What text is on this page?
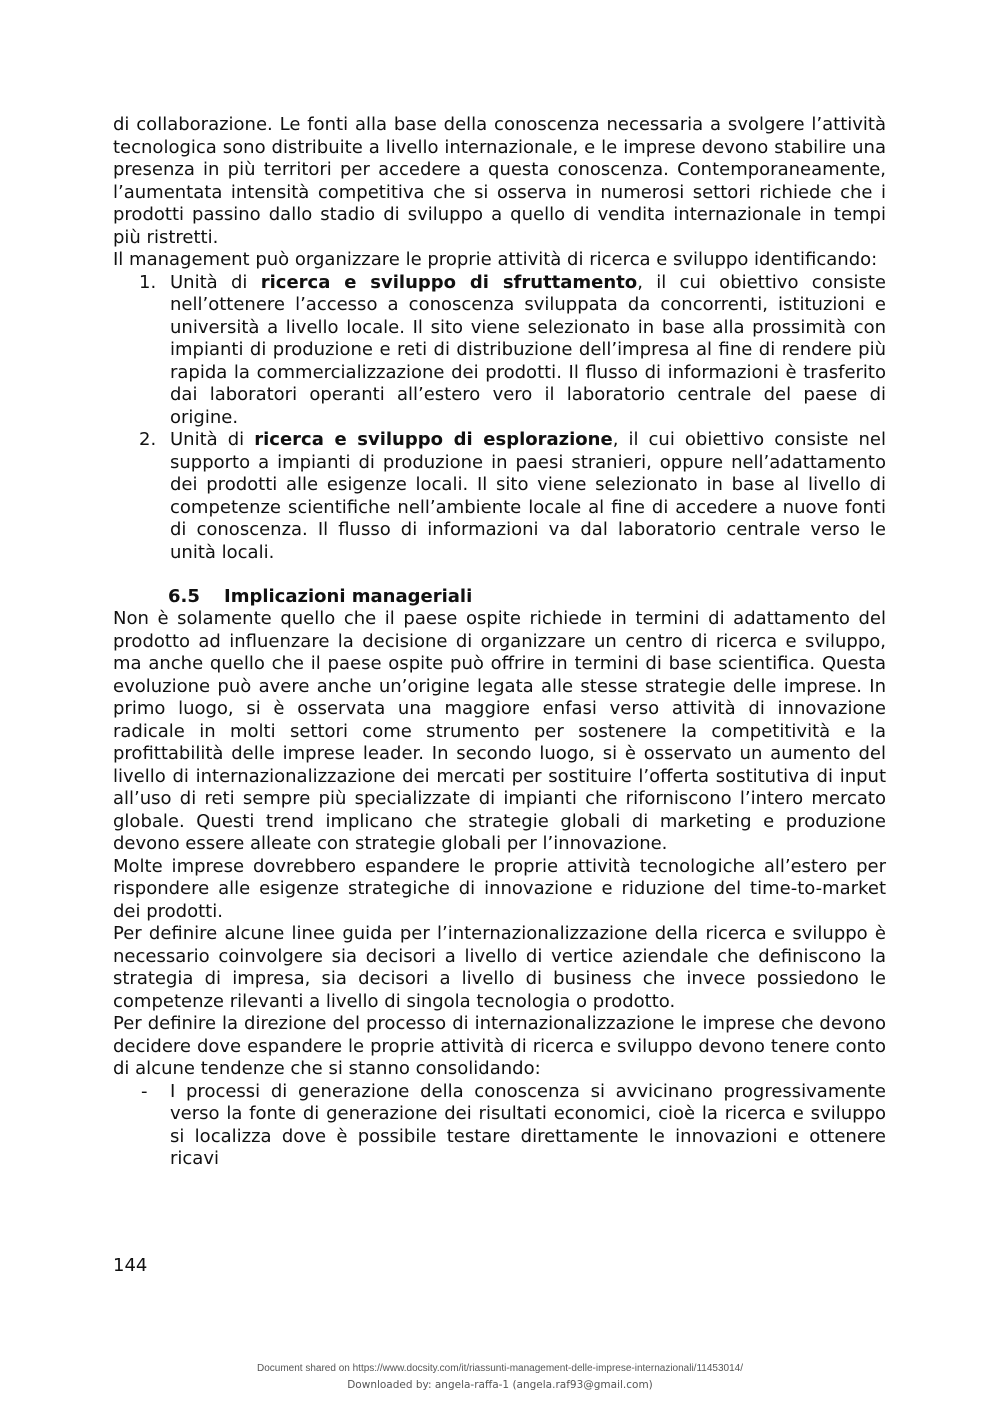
di collaborazione. Le fonti alla base della conoscenza necessaria a svolgere l’attività tecnologica sono distribuite a livello internazionale, e le imprese devono stabilire una presenza in più territori per accedere a questa conoscenza. Contemporaneamente, l’aumentata intensità competitiva che si osserva in numerosi settori richiede che i prodotti passino dallo stadio di sviluppo a quello di vendita internazionale in tempi più ristretti.

Il management può organizzare le proprie attività di ricerca e sviluppo identificando:

1. Unità di ricerca e sviluppo di sfruttamento, il cui obiettivo consiste nell’ottenere l’accesso a conoscenza sviluppata da concorrenti, istituzioni e università a livello locale. Il sito viene selezionato in base alla prossimità con impianti di produzione e reti di distribuzione dell’impresa al fine di rendere più rapida la commercializzazione dei prodotti. Il flusso di informazioni è trasferito dai laboratori operanti all’estero vero il laboratorio centrale del paese di origine.
2. Unità di ricerca e sviluppo di esplorazione, il cui obiettivo consiste nel supporto a impianti di produzione in paesi stranieri, oppure nell’adattamento dei prodotti alle esigenze locali. Il sito viene selezionato in base al livello di competenze scientifiche nell’ambiente locale al fine di accedere a nuove fonti di conoscenza. Il flusso di informazioni va dal laboratorio centrale verso le unità locali.
6.5 Implicazioni manageriali

Non è solamente quello che il paese ospite richiede in termini di adattamento del prodotto ad influenzare la decisione di organizzare un centro di ricerca e sviluppo, ma anche quello che il paese ospite può offrire in termini di base scientifica. Questa evoluzione può avere anche un’origine legata alle stesse strategie delle imprese. In primo luogo, si è osservata una maggiore enfasi verso attività di innovazione radicale in molti settori come strumento per sostenere la competitività e la profittabilità delle imprese leader. In secondo luogo, si è osservato un aumento del livello di internazionalizzazione dei mercati per sostituire l’offerta sostitutiva di input all’uso di reti sempre più specializzate di impianti che riforniscono l’intero mercato globale. Questi trend implicano che strategie globali di marketing e produzione devono essere alleate con strategie globali per l’innovazione.

Molte imprese dovrebbero espandere le proprie attività tecnologiche all’estero per rispondere alle esigenze strategiche di innovazione e riduzione del time-to-market dei prodotti.

Per definire alcune linee guida per l’internazionalizzazione della ricerca e sviluppo è necessario coinvolgere sia decisori a livello di vertice aziendale che definiscono la strategia di impresa, sia decisori a livello di business che invece possiedono le competenze rilevanti a livello di singola tecnologia o prodotto.

Per definire la direzione del processo di internazionalizzazione le imprese che devono decidere dove espandere le proprie attività di ricerca e sviluppo devono tenere conto di alcune tendenze che si stanno consolidando:

- I processi di generazione della conoscenza si avvicinano progressivamente verso la fonte di generazione dei risultati economici, cioè la ricerca e sviluppo si localizza dove è possibile testare direttamente le innovazioni e ottenere ricavi
144
Document shared on https://www.docsity.com/it/riassunti-management-delle-imprese-internazionali/11453014/
Downloaded by: angela-raffa-1 (angela.raf93@gmail.com)
